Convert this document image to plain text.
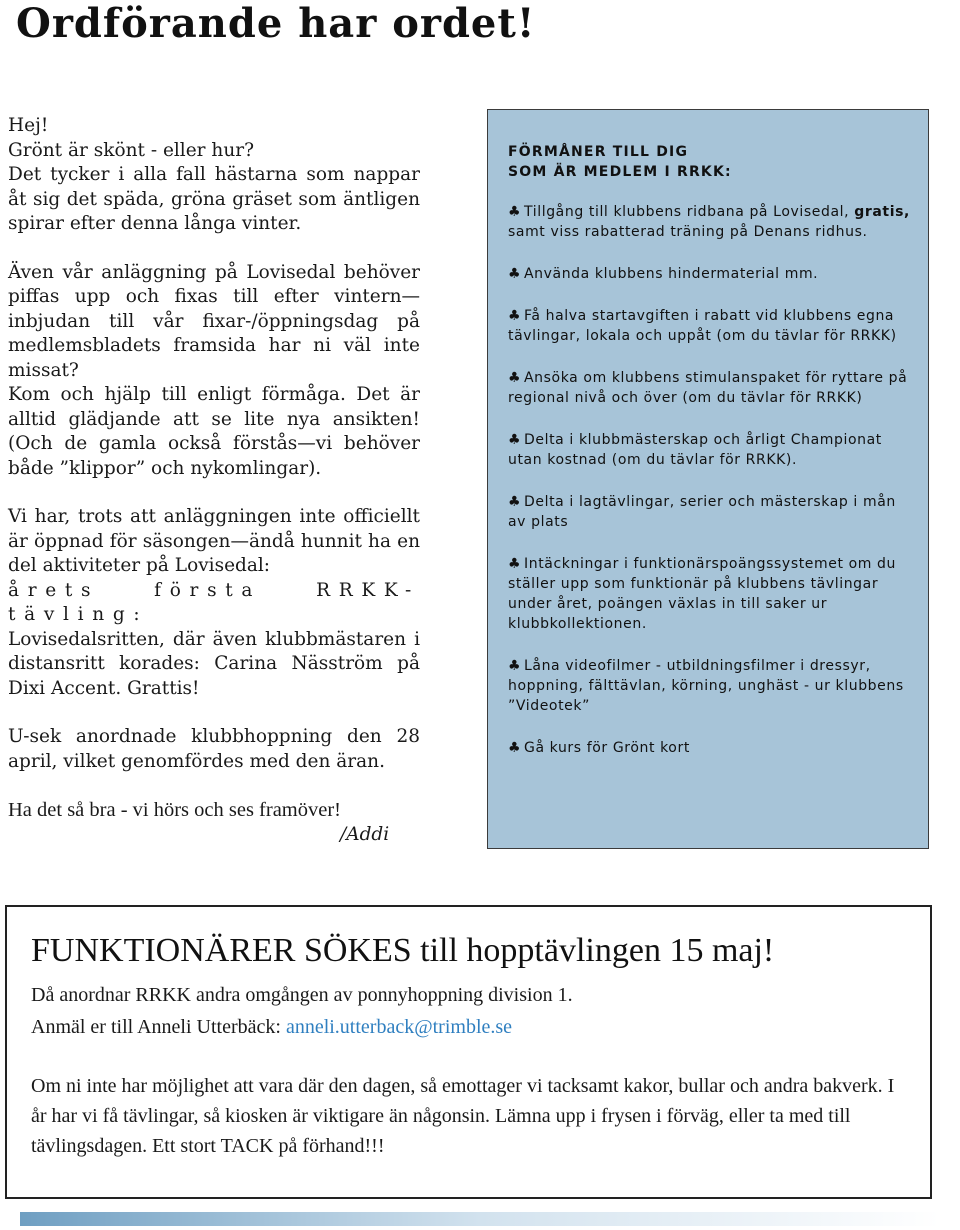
Ordförande har ordet!

Hej!

Grönt är skönt - eller hur?

Det tycker i alla fall hästarna som nappar åt sig det späda, gröna gräset som äntligen spirar efter denna långa vinter.

Även vår anläggning på Lovisedal behöver piffas upp och fixas till efter vintern—inbjudan till vår fixar-/öppningsdag på medlemsbladets framsida har ni väl inte missat?

Kom och hjälp till enligt förmåga. Det är alltid glädjande att se lite nya ansikten! (Och de gamla också förstås—vi behöver både ”klippor” och nykomlingar).

Vi har, trots att anläggningen inte officiellt är öppnad för säsongen—ändå hunnit ha en del aktiviteter på Lovisedal:
årets första RRKK-tävling:
Lovisedalsritten, där även klubbmästaren i distansritt korades: Carina Näsström på Dixi Accent. Grattis!

U-sek anordnade klubbhoppning den 28 april, vilket genomfördes med den äran.

Ha det så bra - vi hörs och ses framöver!

/Addi
FÖRMÅNER TILL DIG
SOM ÄR MEDLEM I RRKK:
♣ Tillgång till klubbens ridbana på Lovisedal, gratis, samt viss rabatterad träning på Denans ridhus.
♣ Använda klubbens hindermaterial mm.
♣ Få halva startavgiften i rabatt vid klubbens egna tävlingar, lokala och uppåt (om du tävlar för RRKK)
♣ Ansöka om klubbens stimulanspaket för ryttare på regional nivå och över (om du tävlar för RRKK)
♣ Delta i klubbmästerskap och årligt Championat utan kostnad (om du tävlar för RRKK).
♣ Delta i lagtävlingar, serier och mästerskap i mån av plats
♣ Intäckningar i funktionärspoängssystemet om du ställer upp som funktionär på klubbens tävlingar under året, poängen växlas in till saker ur klubbkollektionen.
♣ Låna videofilmer - utbildningsfilmer i dressyr, hoppning, fälttävlan, körning, unghäst - ur klubbens ”Videotek”
♣ Gå kurs för Grönt kort
FUNKTIONÄRER SÖKES till hopptävlingen 15 maj!

Då anordnar RRKK andra omgången av ponnyhoppning division 1.

Anmäl er till Anneli Utterbäck: anneli.utterback@trimble.se

Om ni inte har möjlighet att vara där den dagen, så emottager vi tacksamt kakor, bullar och andra bakverk. I år har vi få tävlingar, så kiosken är viktigare än någonsin. Lämna upp i frysen i förväg, eller ta med till tävlingsdagen. Ett stort TACK på förhand!!!
